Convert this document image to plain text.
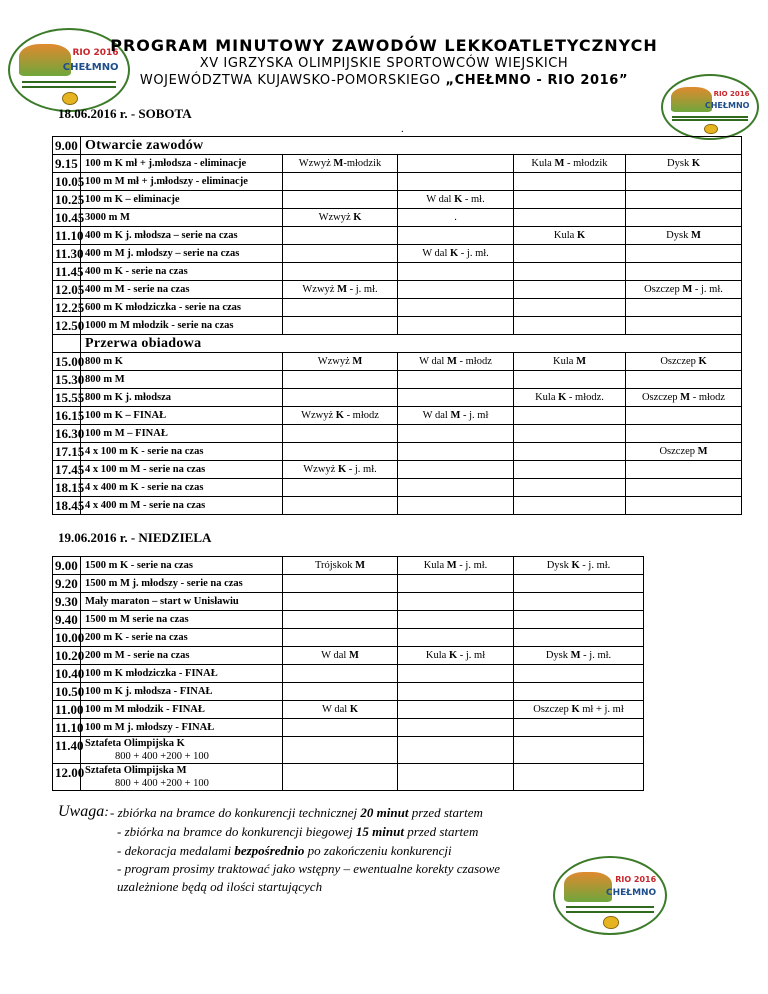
RIO 2016
CHEŁMNO
RIO 2016
CHEŁMNO
RIO 2016
CHEŁMNO
PROGRAM MINUTOWY ZAWODÓW LEKKOATLETYCZNYCH
XV IGRZYSKA OLIMPIJSKIE SPORTOWCÓW WIEJSKICH
WOJEWÓDZTWA KUJAWSKO-POMORSKIEGO „CHEŁMNO - RIO 2016”
18.06.2016 r. - SOBOTA
.
9.00	Otwarcie zawodów				
9.15	100 m K mł + j.młodsza - eliminacje	Wzwyż M-młodzik		Kula M - młodzik	Dysk K
10.05	100 m M mł + j.młodszy - eliminacje				
10.25	100 m K – eliminacje		W dal K - mł.		
10.45	3000 m M	Wzwyż K	.		
11.10	400 m K j. młodsza – serie na czas			Kula K	Dysk M
11.30	400 m M j. młodszy – serie na czas		W dal K - j. mł.		
11.45	400 m K - serie na czas				
12.05	400 m M - serie na czas	Wzwyż M - j. mł.			Oszczep M - j. mł.
12.25	600 m K młodziczka - serie na czas				
12.50	1000 m M młodzik - serie na czas				
	Przerwa obiadowa				
15.00	800 m K	Wzwyż M	W dal M - młodz	Kula M	Oszczep K
15.30	800 m M				
15.55	800 m K j. młodsza			Kula K - młodz.	Oszczep M - młodz
16.15	100 m K – FINAŁ	Wzwyż K - młodz	W dal M - j. mł		
16.30	100 m M – FINAŁ				
17.15	4 x 100 m K - serie na czas				Oszczep M
17.45	4 x 100 m M - serie na czas	Wzwyż K - j. mł.			
18.15	4 x 400 m K - serie na czas				
18.45	4 x 400 m M - serie na czas				
19.06.2016 r. - NIEDZIELA
9.00	1500 m K - serie na czas	Trójskok M	Kula M - j. mł.	Dysk K - j. mł.
9.20	1500 m M j. młodszy - serie na czas			
9.30	Mały maraton – start w Unisławiu			
9.40	1500 m M serie na czas			
10.00	200 m K - serie na czas			
10.20	200 m M - serie na czas	W dal M	Kula K - j. mł	Dysk M - j. mł.
10.40	100 m K młodziczka - FINAŁ			
10.50	100 m K j. młodsza - FINAŁ			
11.00	100 m M młodzik - FINAŁ	W dal K		Oszczep K mł + j. mł
11.10	100 m M j. młodszy - FINAŁ			
11.40	Sztafeta Olimpijska K
800 + 400 +200 + 100			

12.00	Sztafeta Olimpijska M
800 + 400 +200 + 100			

Uwaga: - zbiórka na bramce do konkurencji technicznej 20 minut przed startem
- zbiórka na bramce do konkurencji biegowej 15 minut przed startem
- dekoracja medalami bezpośrednio po zakończeniu konkurencji
- program prosimy traktować jako wstępny – ewentualne korekty czasowe
uzależnione będą od ilości startujących
